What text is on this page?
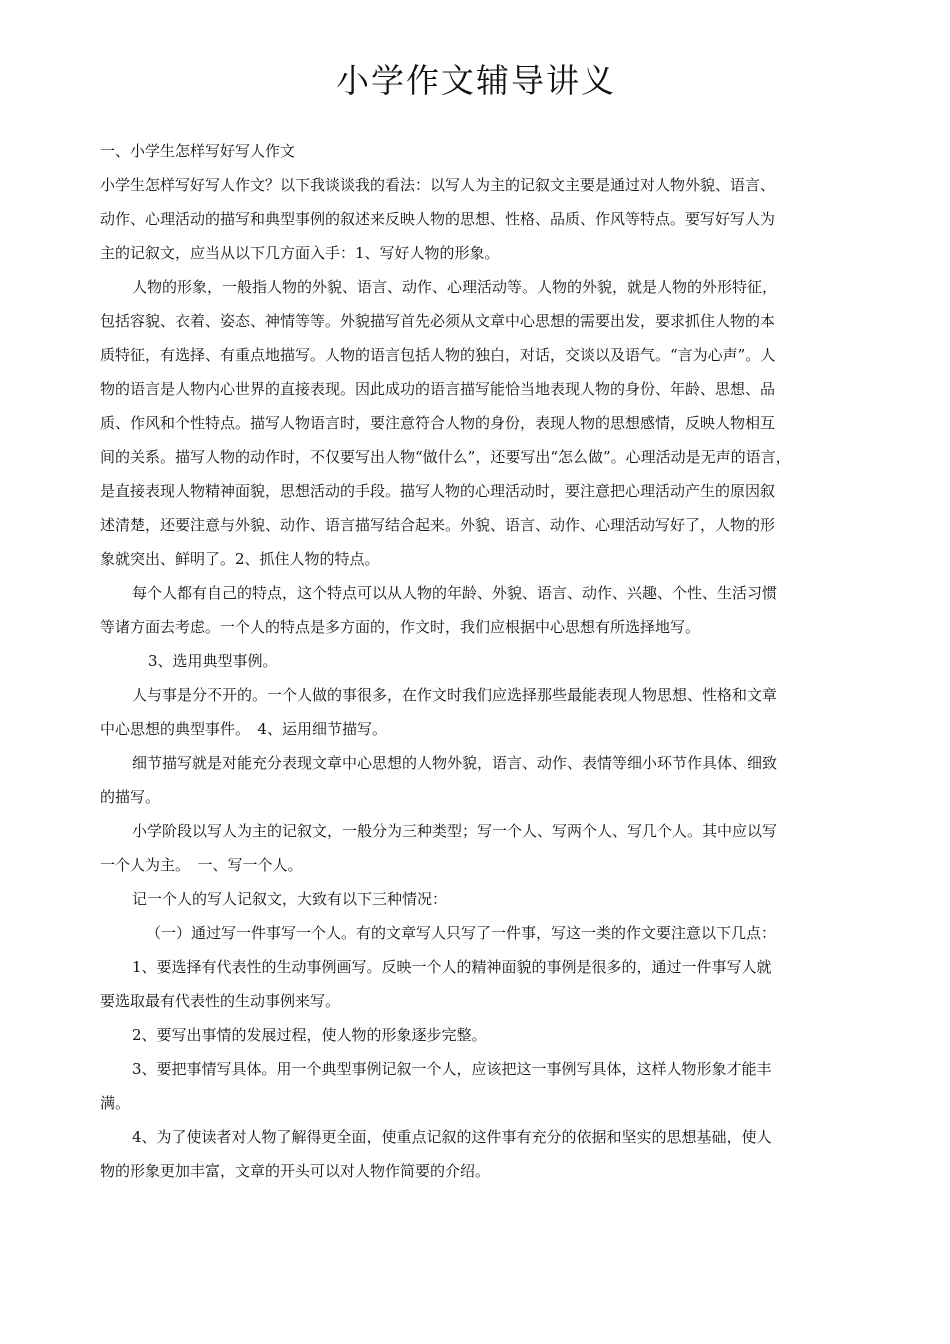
小学作文辅导讲义

一、小学生怎样写好写人作文

小学生怎样写好写人作文？以下我谈谈我的看法：以写人为主的记叙文主要是通过对人物外貌、语言、

动作、心理活动的描写和典型事例的叙述来反映人物的思想、性格、品质、作风等特点。要写好写人为

主的记叙文，应当从以下几方面入手：1、写好人物的形象。

人物的形象，一般指人物的外貌、语言、动作、心理活动等。人物的外貌，就是人物的外形特征，

包括容貌、衣着、姿态、神情等等。外貌描写首先必须从文章中心思想的需要出发，要求抓住人物的本

质特征，有选择、有重点地描写。人物的语言包括人物的独白，对话，交谈以及语气。“言为心声”。人

物的语言是人物内心世界的直接表现。因此成功的语言描写能恰当地表现人物的身份、年龄、思想、品

质、作风和个性特点。描写人物语言时，要注意符合人物的身份，表现人物的思想感情，反映人物相互

间的关系。描写人物的动作时，不仅要写出人物“做什么”，还要写出“怎么做”。心理活动是无声的语言，

是直接表现人物精神面貌，思想活动的手段。描写人物的心理活动时，要注意把心理活动产生的原因叙

述清楚，还要注意与外貌、动作、语言描写结合起来。外貌、语言、动作、心理活动写好了，人物的形

象就突出、鲜明了。2、抓住人物的特点。

每个人都有自己的特点，这个特点可以从人物的年龄、外貌、语言、动作、兴趣、个性、生活习惯

等诸方面去考虑。一个人的特点是多方面的，作文时，我们应根据中心思想有所选择地写。

3、选用典型事例。

人与事是分不开的。一个人做的事很多，在作文时我们应选择那些最能表现人物思想、性格和文章

中心思想的典型事件。　4、运用细节描写。

细节描写就是对能充分表现文章中心思想的人物外貌，语言、动作、表情等细小环节作具体、细致

的描写。

小学阶段以写人为主的记叙文，一般分为三种类型；写一个人、写两个人、写几个人。其中应以写

一个人为主。　一、写一个人。

记一个人的写人记叙文，大致有以下三种情况：

（一）通过写一件事写一个人。有的文章写人只写了一件事，写这一类的作文要注意以下几点：

1、要选择有代表性的生动事例画写。反映一个人的精神面貌的事例是很多的，通过一件事写人就

要选取最有代表性的生动事例来写。

2、要写出事情的发展过程，使人物的形象逐步完整。

3、要把事情写具体。用一个典型事例记叙一个人，应该把这一事例写具体，这样人物形象才能丰

满。

4、为了使读者对人物了解得更全面，使重点记叙的这件事有充分的依据和坚实的思想基础，使人

物的形象更加丰富，文章的开头可以对人物作简要的介绍。
